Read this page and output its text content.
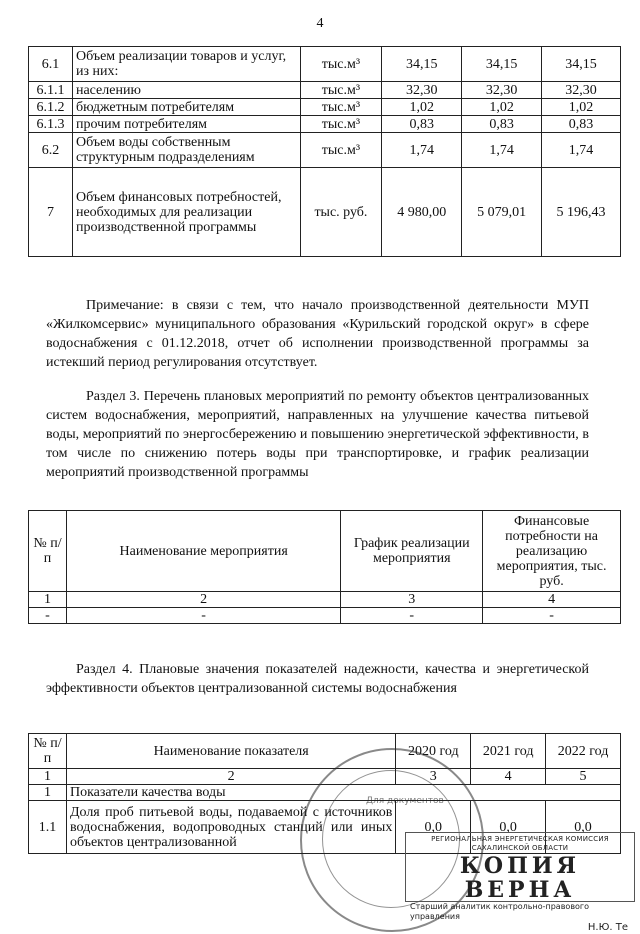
4
6.1	Объем реализации товаров и услуг, из них:	тыс.м³	34,15	34,15	34,15
6.1.1	населению	тыс.м³	32,30	32,30	32,30
6.1.2	бюджетным потребителям	тыс.м³	1,02	1,02	1,02
6.1.3	прочим потребителям	тыс.м³	0,83	0,83	0,83
6.2	Объем воды собственным структурным подразделениям	тыс.м³	1,74	1,74	1,74
7	Объем финансовых потребностей, необходимых для реализации производственной программы	тыс. руб.	4 980,00	5 079,01	5 196,43

Примечание: в связи с тем, что начало производственной деятельности МУП «Жилкомсервис» муниципального образования «Курильский городской округ» в сфере водоснабжения с 01.12.2018, отчет об исполнении производственной программы за истекший период регулирования отсутствует.

Раздел 3. Перечень плановых мероприятий по ремонту объектов централизованных систем водоснабжения, мероприятий, направленных на улучшение качества питьевой воды, мероприятий по энергосбережению и повышению энергетической эффективности, в том числе по снижению потерь воды при транспортировке, и график реализации мероприятий производственной программы

№ п/п	Наименование мероприятия	График реализации мероприятия	Финансовые потребности на реализацию мероприятия, тыс. руб.
1	2	3	4
-	-	-	-

Раздел 4. Плановые значения показателей надежности, качества и энергетической эффективности объектов централизованной системы водоснабжения

№ п/п	Наименование показателя	2020 год	2021 год	2022 год
1	2	3	4	5
1	Показатели качества воды			
1.1	Доля проб питьевой воды, подаваемой с источников водоснабжения, водопроводных станций или иных объектов централизованной	0,0	0,0	0,0
Для документов
РЕГИОНАЛЬНАЯ ЭНЕРГЕТИЧЕСКАЯ КОМИССИЯ САХАЛИНСКОЙ ОБЛАСТИ
КОПИЯ ВЕРНА
Старший аналитик контрольно-правового управления
Н.Ю. Те
